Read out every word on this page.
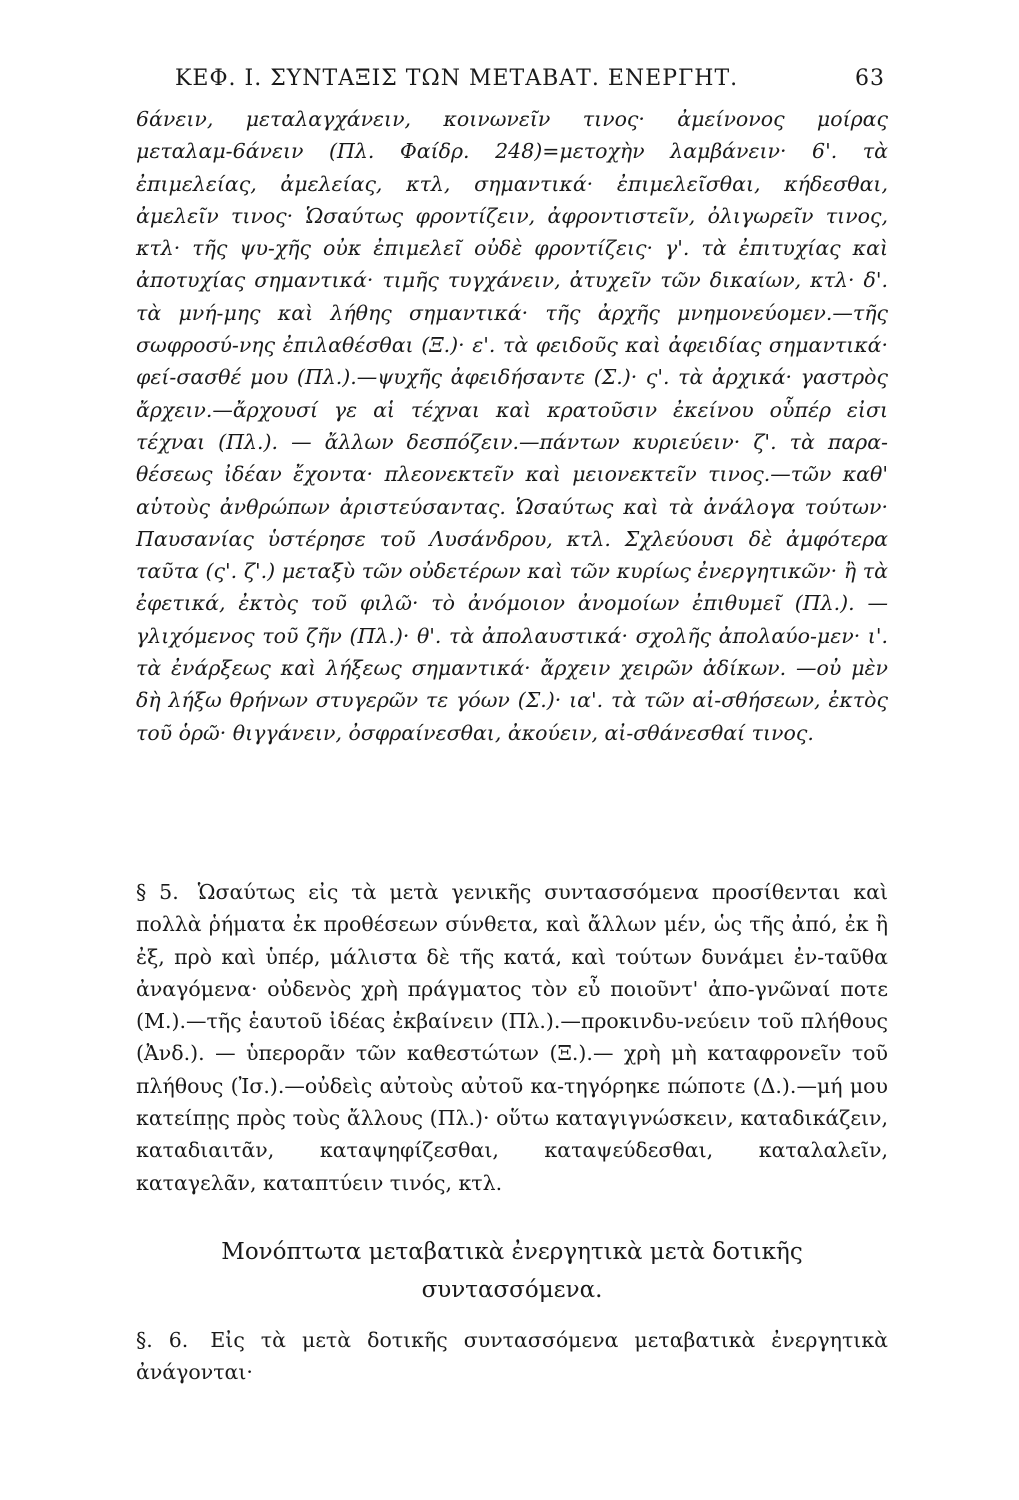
ΚΕΦ. Ι. ΣΥΝΤΑΞΙΣ ΤΩΝ ΜΕΤΑΒΑΤ. ΕΝΕΡΓΗΤ.	63

6άνειν, μεταλαγχάνειν, κοινωνεῖν τινος· ἀμείνονος μοίρας μεταλαμ-6άνειν (Πλ. Φαίδρ. 248)=μετοχὴν λαμβάνειν· 6'. τὰ ἐπιμελείας, ἀμελείας, κτλ, σημαντικά· ἐπιμελεῖσθαι, κήδεσθαι, ἀμελεῖν τινος· Ὡσαύτως φροντίζειν, ἀφροντιστεῖν, ὀλιγωρεῖν τινος, κτλ· τῆς ψυ-χῆς οὐκ ἐπιμελεῖ οὐδὲ φροντίζεις· γ'. τὰ ἐπιτυχίας καὶ ἀποτυχίας σημαντικά· τιμῆς τυγχάνειν, ἀτυχεῖν τῶν δικαίων, κτλ· δ'. τὰ μνή-μης καὶ λήθης σημαντικά· τῆς ἀρχῆς μνημονεύομεν.—τῆς σωφροσύ-νης ἐπιλαθέσθαι (Ξ.)· ε'. τὰ φειδοῦς καὶ ἀφειδίας σημαντικά· φεί-σασθέ μου (Πλ.).—ψυχῆς ἀφειδήσαντε (Σ.)· ς'. τὰ ἀρχικά· γαστρὸς ἄρχειν.—ἄρχουσί γε αἱ τέχναι καὶ κρατοῦσιν ἐκείνου οὗπέρ εἰσι τέχναι (Πλ.). — ἄλλων δεσπόζειν.—πάντων κυριεύειν· ζ'. τὰ παρα-θέσεως ἰδέαν ἔχοντα· πλεονεκτεῖν καὶ μειονεκτεῖν τινος.—τῶν καθ' αὑτοὺς ἀνθρώπων ἀριστεύσαντας. Ὡσαύτως καὶ τὰ ἀνάλογα τούτων· Παυσανίας ὑστέρησε τοῦ Λυσάνδρου, κτλ. Σχλεύουσι δὲ ἀμφότερα ταῦτα (ς'. ζ'.) μεταξὺ τῶν οὐδετέρων καὶ τῶν κυρίως ἐνεργητικῶν· ἢ τὰ ἐφετικά, ἐκτὸς τοῦ φιλῶ· τὸ ἀνόμοιον ἀνομοίων ἐπιθυμεῖ (Πλ.). —γλιχόμενος τοῦ ζῆν (Πλ.)· θ'. τὰ ἀπολαυστικά· σχολῆς ἀπολαύο-μεν· ι'. τὰ ἐνάρξεως καὶ λήξεως σημαντικά· ἄρχειν χειρῶν ἀδίκων. —οὐ μὲν δὴ λήξω θρήνων στυγερῶν τε γόων (Σ.)· ια'. τὰ τῶν αἰ-σθήσεων, ἐκτὸς τοῦ ὁρῶ· θιγγάνειν, ὀσφραίνεσθαι, ἀκούειν, αἰ-σθάνεσθαί τινος.

§ 5. Ὡσαύτως εἰς τὰ μετὰ γενικῆς συντασσόμενα προσίθενται καὶ πολλὰ ῥήματα ἐκ προθέσεων σύνθετα, καὶ ἄλλων μέν, ὡς τῆς ἀπό, ἐκ ἢ ἐξ, πρὸ καὶ ὑπέρ, μάλιστα δὲ τῆς κατά, καὶ τούτων δυνάμει ἐν-ταῦθα ἀναγόμενα· οὐδενὸς χρὴ πράγματος τὸν εὖ ποιοῦντ' ἀπο-γνῶναί ποτε (Μ.).—τῆς ἑαυτοῦ ἰδέας ἐκβαίνειν (Πλ.).—προκινδυ-νεύειν τοῦ πλήθους (Ἀνδ.). — ὑπερορᾶν τῶν καθεστώτων (Ξ.).— χρὴ μὴ καταφρονεῖν τοῦ πλήθους (Ἰσ.).—οὐδεὶς αὐτοὺς αὐτοῦ κα-τηγόρηκε πώποτε (Δ.).—μή μου κατείπῃς πρὸς τοὺς ἄλλους (Πλ.)· οὕτω καταγιγνώσκειν, καταδικάζειν, καταδιαιτᾶν, καταψηφίζεσθαι, καταψεύδεσθαι, καταλαλεῖν, καταγελᾶν, καταπτύειν τινός, κτλ.

Μονόπτωτα μεταβατικὰ ἐνεργητικὰ μετὰ δοτικῆς
συντασσόμενα.

§. 6. Εἰς τὰ μετὰ δοτικῆς συντασσόμενα μεταβατικὰ ἐνεργητικὰ ἀνάγονται·
